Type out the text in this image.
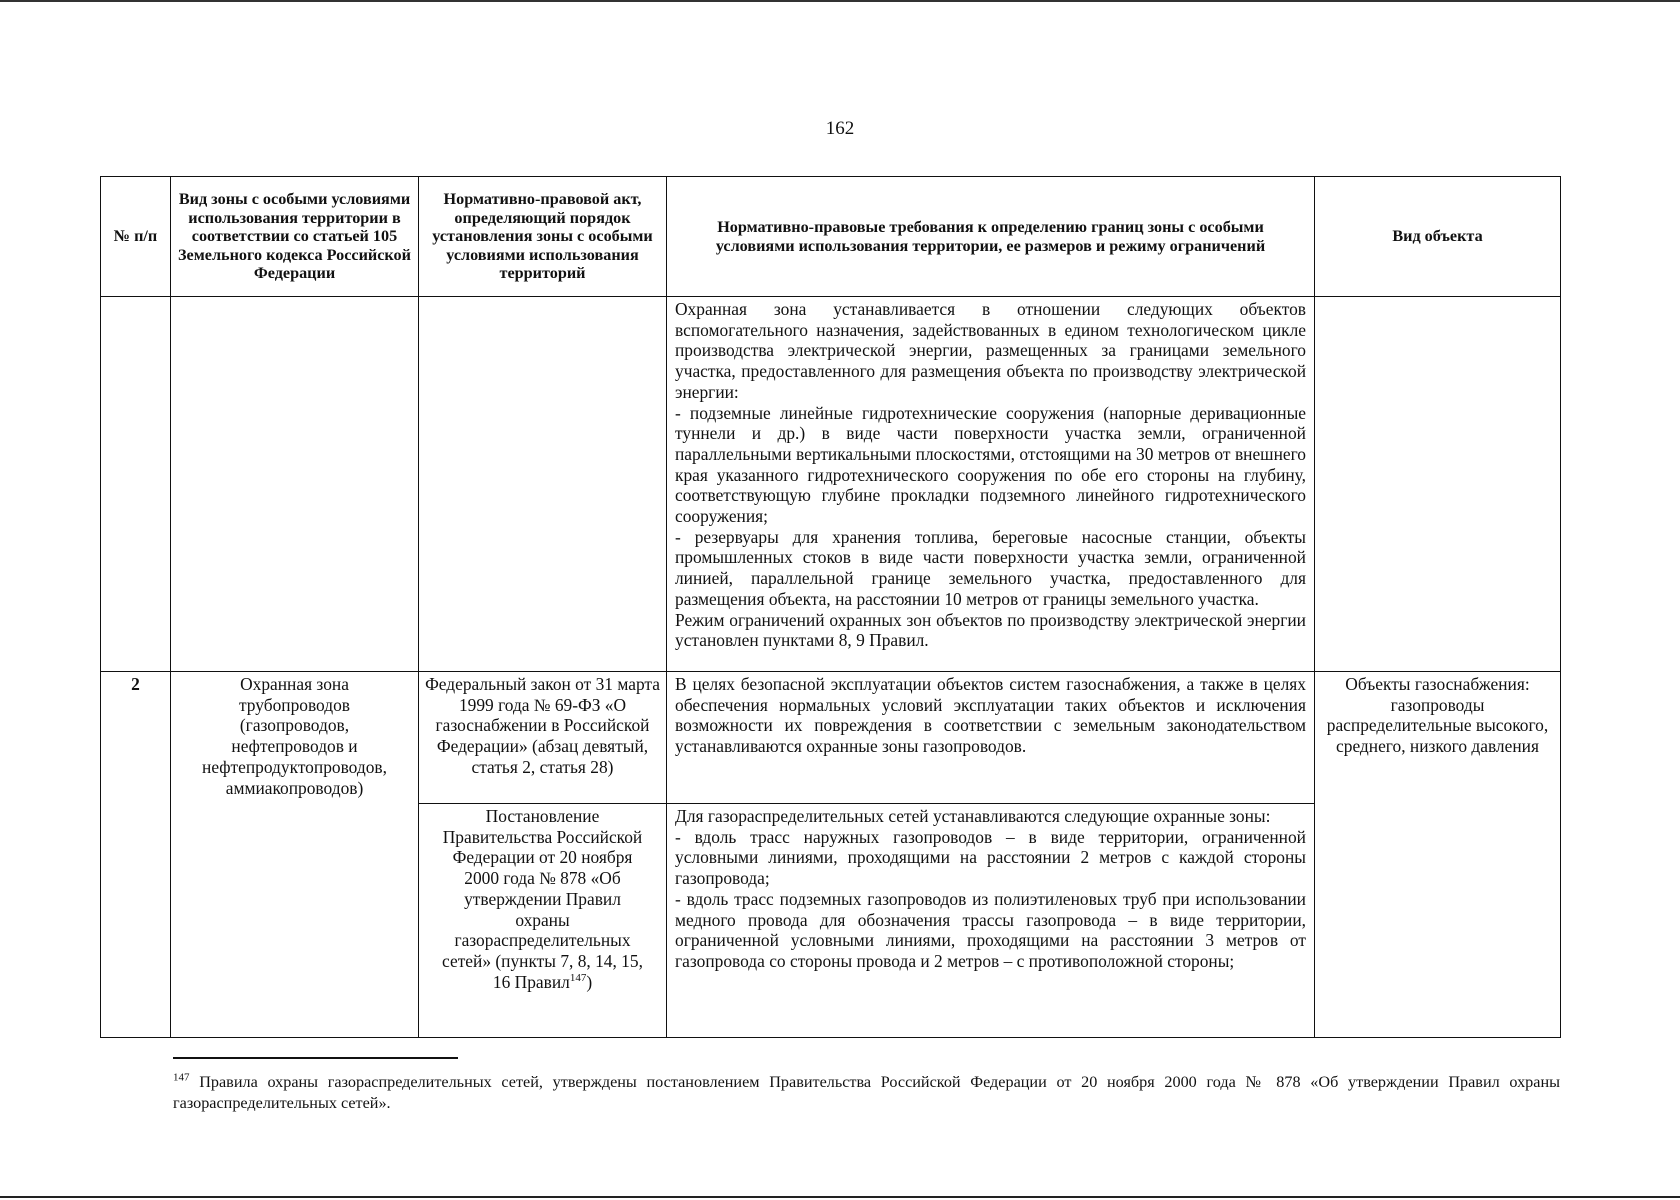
162
№ п/п	Вид зоны с особыми условиями использования территории в соответствии со статьей 105 Земельного кодекса Российской Федерации	Нормативно-правовой акт, определяющий порядок установления зоны с особыми условиями использования территорий	Нормативно-правовые требования к определению границ зоны с особыми условиями использования территории, ее размеров и режиму ограничений	Вид объекта

			Охранная зона устанавливается в отношении следующих объектов вспомогательного назначения, задействованных в едином технологическом цикле производства электрической энергии, размещенных за границами земельного участка, предоставленного для размещения объекта по производству электрической энергии:
- подземные линейные гидротехнические сооружения (напорные деривационные туннели и др.) в виде части поверхности участка земли, ограниченной параллельными вертикальными плоскостями, отстоящими на 30 метров от внешнего края указанного гидротехнического сооружения по обе его стороны на глубину, соответствующую глубине прокладки подземного линейного гидротехнического сооружения;
- резервуары для хранения топлива, береговые насосные станции, объекты промышленных стоков в виде части поверхности участка земли, ограниченной линией, параллельной границе земельного участка, предоставленного для размещения объекта, на расстоянии 10 метров от границы земельного участка.
Режим ограничений охранных зон объектов по производству электрической энергии установлен пунктами 8, 9 Правил.	

2	Охранная зона трубопроводов (газопроводов, нефтепроводов и нефтепродуктопроводов, аммиакопроводов)	Федеральный закон от 31 марта 1999 года № 69-ФЗ «О газоснабжении в Российской Федерации» (абзац девятый, статья 2, статья 28)	В целях безопасной эксплуатации объектов систем газоснабжения, а также в целях обеспечения нормальных условий эксплуатации таких объектов и исключения возможности их повреждения в соответствии с земельным законодательством устанавливаются охранные зоны газопроводов.	Объекты газоснабжения: газопроводы распределительные высокого, среднего, низкого давления
		Постановление Правительства Российской Федерации от 20 ноября 2000 года № 878 «Об утверждении Правил охраны газораспределительных сетей» (пункты 7, 8, 14, 15, 16 Правил$^{147}$)	Для газораспределительных сетей устанавливаются следующие охранные зоны:
- вдоль трасс наружных газопроводов – в виде территории, ограниченной условными линиями, проходящими на расстоянии 2 метров с каждой стороны газопровода;
- вдоль трасс подземных газопроводов из полиэтиленовых труб при использовании медного провода для обозначения трассы газопровода – в виде территории, ограниченной условными линиями, проходящими на расстоянии 3 метров от газопровода со стороны провода и 2 метров – с противоположной стороны;	
$^{147}$ Правила охраны газораспределительных сетей, утверждены постановлением Правительства Российской Федерации от 20 ноября 2000 года № 878 «Об утверждении Правил охраны газораспределительных сетей».
